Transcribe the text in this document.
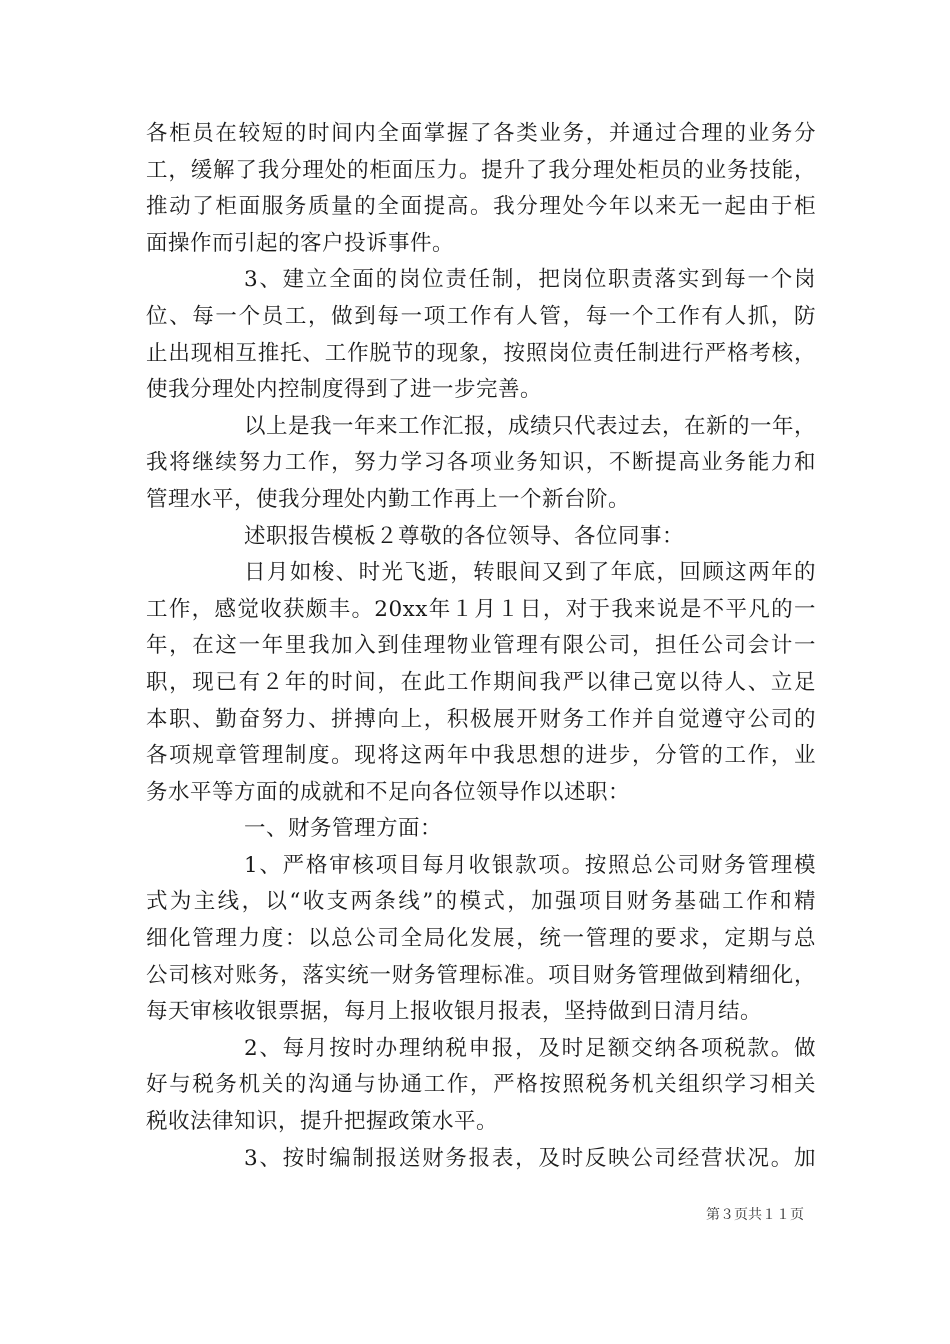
各柜员在较短的时间内全面掌握了各类业务，并通过合理的业务分
工，缓解了我分理处的柜面压力。提升了我分理处柜员的业务技能，
推动了柜面服务质量的全面提高。我分理处今年以来无一起由于柜
面操作而引起的客户投诉事件。
3、建立全面的岗位责任制，把岗位职责落实到每一个岗
位、每一个员工，做到每一项工作有人管，每一个工作有人抓，防
止出现相互推托、工作脱节的现象，按照岗位责任制进行严格考核，
使我分理处内控制度得到了进一步完善。
以上是我一年来工作汇报，成绩只代表过去，在新的一年，
我将继续努力工作，努力学习各项业务知识，不断提高业务能力和
管理水平，使我分理处内勤工作再上一个新台阶。
述职报告模板２尊敬的各位领导、各位同事：
日月如梭、时光飞逝，转眼间又到了年底，回顾这两年的
工作，感觉收获颇丰。20xx年１月１日，对于我来说是不平凡的一
年，在这一年里我加入到佳理物业管理有限公司，担任公司会计一
职，现已有２年的时间，在此工作期间我严以律己宽以待人、立足
本职、勤奋努力、拼搏向上，积极展开财务工作并自觉遵守公司的
各项规章管理制度。现将这两年中我思想的进步，分管的工作，业
务水平等方面的成就和不足向各位领导作以述职：
一、财务管理方面：
1、严格审核项目每月收银款项。按照总公司财务管理模
式为主线，以“收支两条线”的模式，加强项目财务基础工作和精
细化管理力度：以总公司全局化发展，统一管理的要求，定期与总
公司核对账务，落实统一财务管理标准。项目财务管理做到精细化，
每天审核收银票据，每月上报收银月报表，坚持做到日清月结。
2、每月按时办理纳税申报，及时足额交纳各项税款。做
好与税务机关的沟通与协通工作，严格按照税务机关组织学习相关
税收法律知识，提升把握政策水平。
3、按时编制报送财务报表，及时反映公司经营状况。加
第３页共１１页
